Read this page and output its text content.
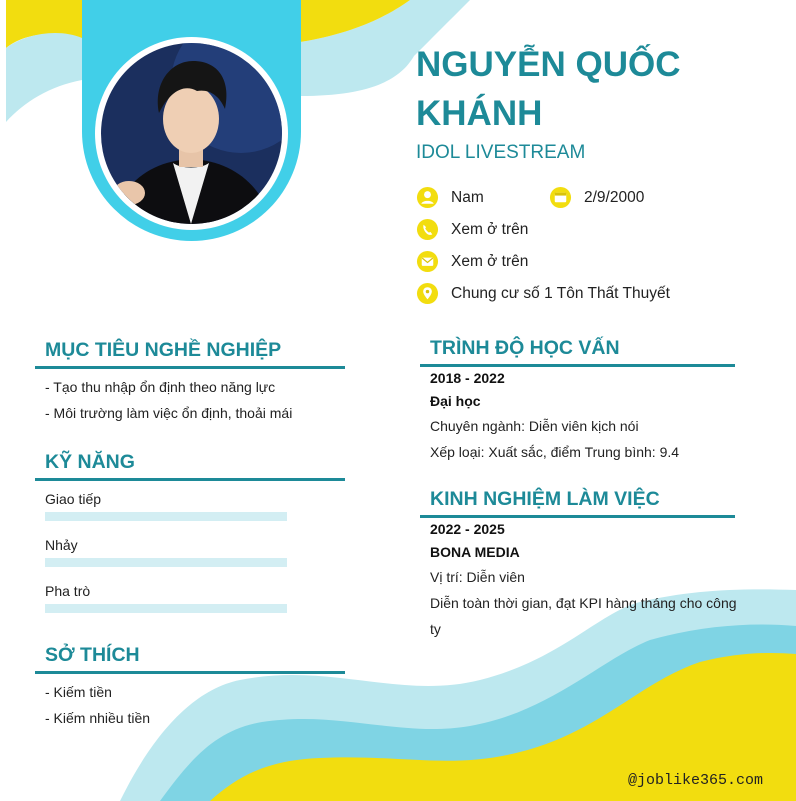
NGUYỄN QUỐC KHÁNH
IDOL LIVESTREAM
Nam	2/9/2000
Xem ở trên
Xem ở trên
Chung cư số 1 Tôn Thất Thuyết
MỤC TIÊU NGHỀ NGHIỆP
- Tạo thu nhập ổn định theo năng lực
- Môi trường làm việc ổn định, thoải mái
KỸ NĂNG
Giao tiếp
Nhảy
Pha trò
SỞ THÍCH
- Kiếm tiền
- Kiếm nhiều tiền
TRÌNH ĐỘ HỌC VẤN
2018 - 2022
Đại học
Chuyên ngành: Diễn viên kịch nói
Xếp loại: Xuất sắc, điểm Trung bình: 9.4
KINH NGHIỆM LÀM VIỆC
2022 - 2025
BONA MEDIA
Vị trí: Diễn viên
Diễn toàn thời gian, đạt KPI hàng tháng cho công
ty
@joblike365.com
